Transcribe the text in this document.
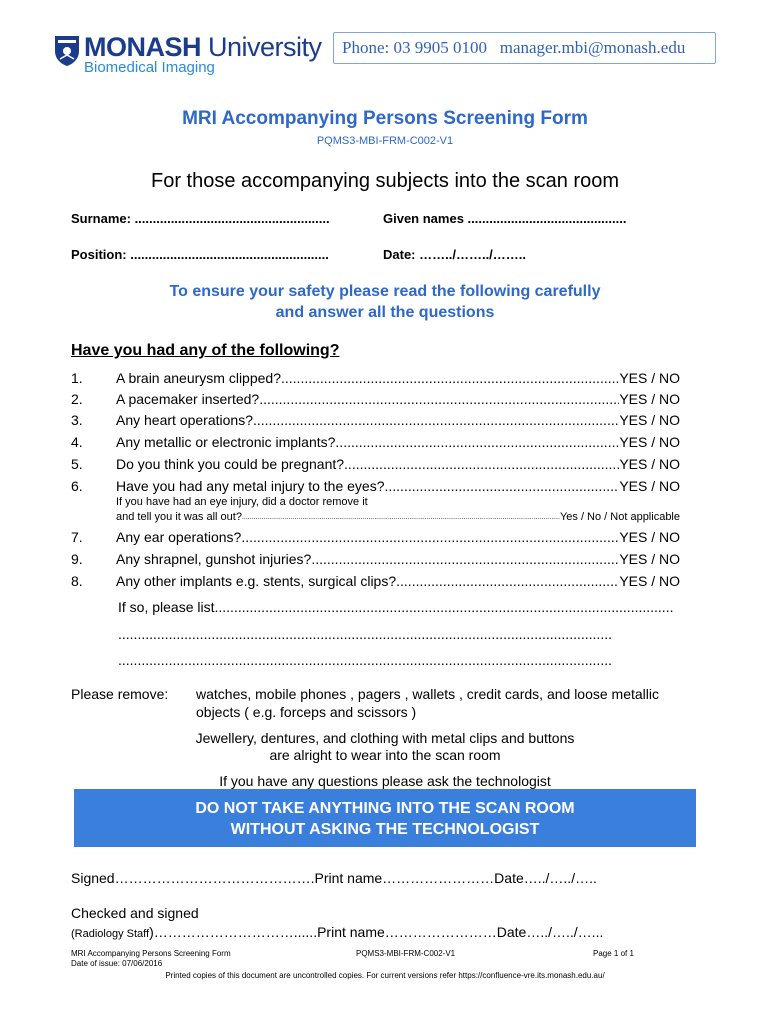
MONASH University
Biomedical Imaging
Phone: 03 9905 0100   manager.mbi@monash.edu
MRI Accompanying Persons Screening Form
PQMS3-MBI-FRM-C002-V1
For those accompanying subjects into the scan room
Surname: ......................................................	Given names ............................................
Position: .......................................................	Date: ……../……../……..
To ensure your safety please read the following carefully
and answer all the questions
Have you had any of the following?
1. A brain aneurysm clipped? .....	YES / NO
2. A pacemaker inserted? .....	YES / NO
3. Any heart operations? .....	YES / NO
4. Any metallic or electronic implants? .....	YES / NO
5. Do you think you could be pregnant? .....	YES / NO
6. Have you had any metal injury to the eyes? .....	YES / NO
If you have had an eye injury, did a doctor remove it
and tell you it was all out? .....	Yes / No / Not applicable
7. Any ear operations? .....	YES / NO
9. Any shrapnel, gunshot injuries? .....	YES / NO
8. Any other implants e.g. stents, surgical clips? .....	YES / NO
If so, please list
.....
...............................................................................................................................
...............................................................................................................................
Please remove: watches, mobile phones , pagers , wallets , credit cards, and loose metallic
objects ( e.g. forceps and scissors )
Jewellery, dentures, and clothing with metal clips and buttons
are alright to wear into the scan room
If you have any questions please ask the technologist
DO NOT TAKE ANYTHING INTO THE SCAN ROOM
WITHOUT ASKING THE TECHNOLOGIST
Signed…………………………………….Print name……………………Date…../…../…..
Checked and signed
(Radiology Staff)…………………………......Print name……………………Date…../…../…...
MRI Accompanying Persons Screening Form
Date of issue: 07/06/2016
PQMS3-MBI-FRM-C002-V1	Page 1 of 1
Printed copies of this document are uncontrolled copies. For current versions refer https://confluence-vre.its.monash.edu.au/
